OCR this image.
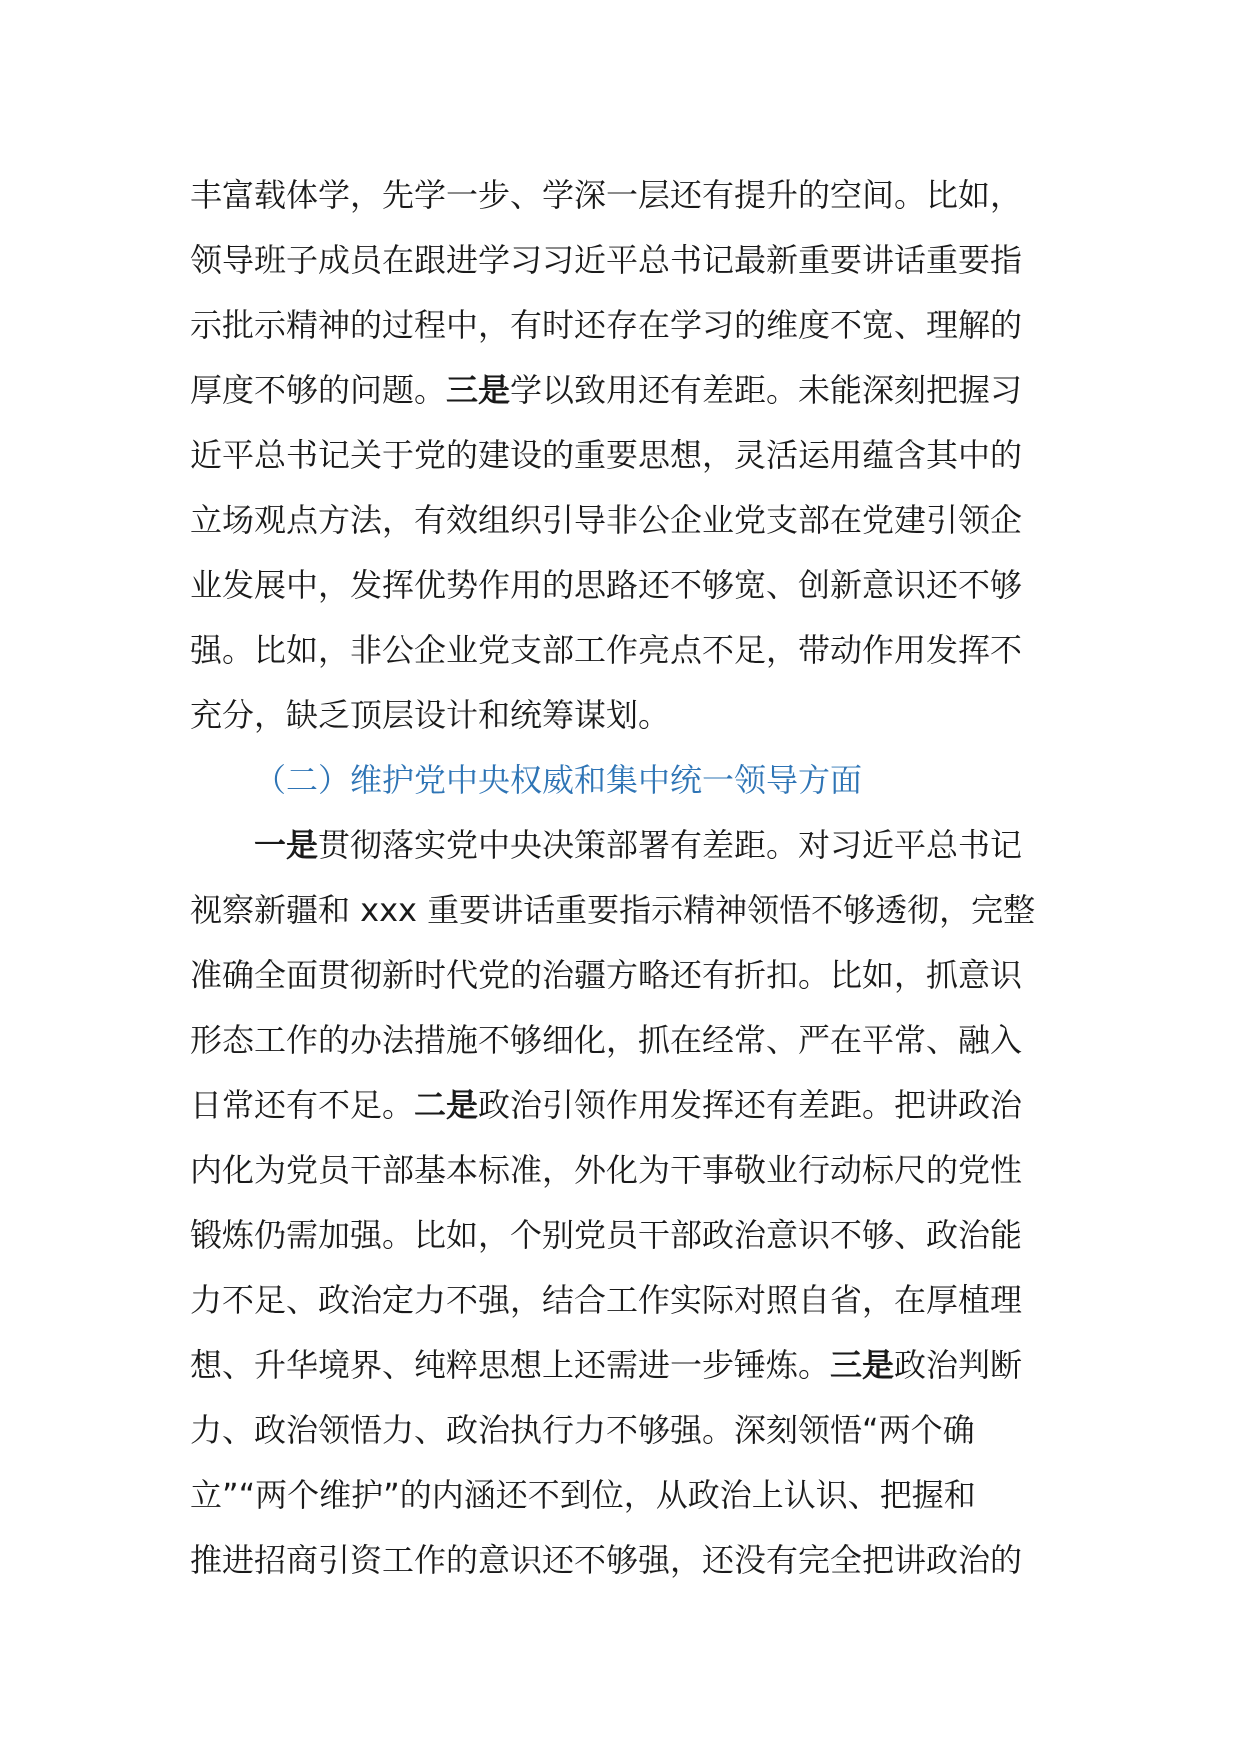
丰富载体学，先学一步、学深一层还有提升的空间。比如，
领导班子成员在跟进学习习近平总书记最新重要讲话重要指
示批示精神的过程中，有时还存在学习的维度不宽、理解的
厚度不够的问题。三是学以致用还有差距。未能深刻把握习
近平总书记关于党的建设的重要思想，灵活运用蕴含其中的
立场观点方法，有效组织引导非公企业党支部在党建引领企
业发展中，发挥优势作用的思路还不够宽、创新意识还不够
强。比如，非公企业党支部工作亮点不足，带动作用发挥不
充分，缺乏顶层设计和统筹谋划。
（二）维护党中央权威和集中统一领导方面
一是贯彻落实党中央决策部署有差距。对习近平总书记
视察新疆和 xxx 重要讲话重要指示精神领悟不够透彻，完整
准确全面贯彻新时代党的治疆方略还有折扣。比如，抓意识
形态工作的办法措施不够细化，抓在经常、严在平常、融入
日常还有不足。二是政治引领作用发挥还有差距。把讲政治
内化为党员干部基本标准，外化为干事敬业行动标尺的党性
锻炼仍需加强。比如，个别党员干部政治意识不够、政治能
力不足、政治定力不强，结合工作实际对照自省，在厚植理
想、升华境界、纯粹思想上还需进一步锤炼。三是政治判断
力、政治领悟力、政治执行力不够强。深刻领悟“两个确
立”“两个维护”的内涵还不到位，从政治上认识、把握和
推进招商引资工作的意识还不够强，还没有完全把讲政治的
